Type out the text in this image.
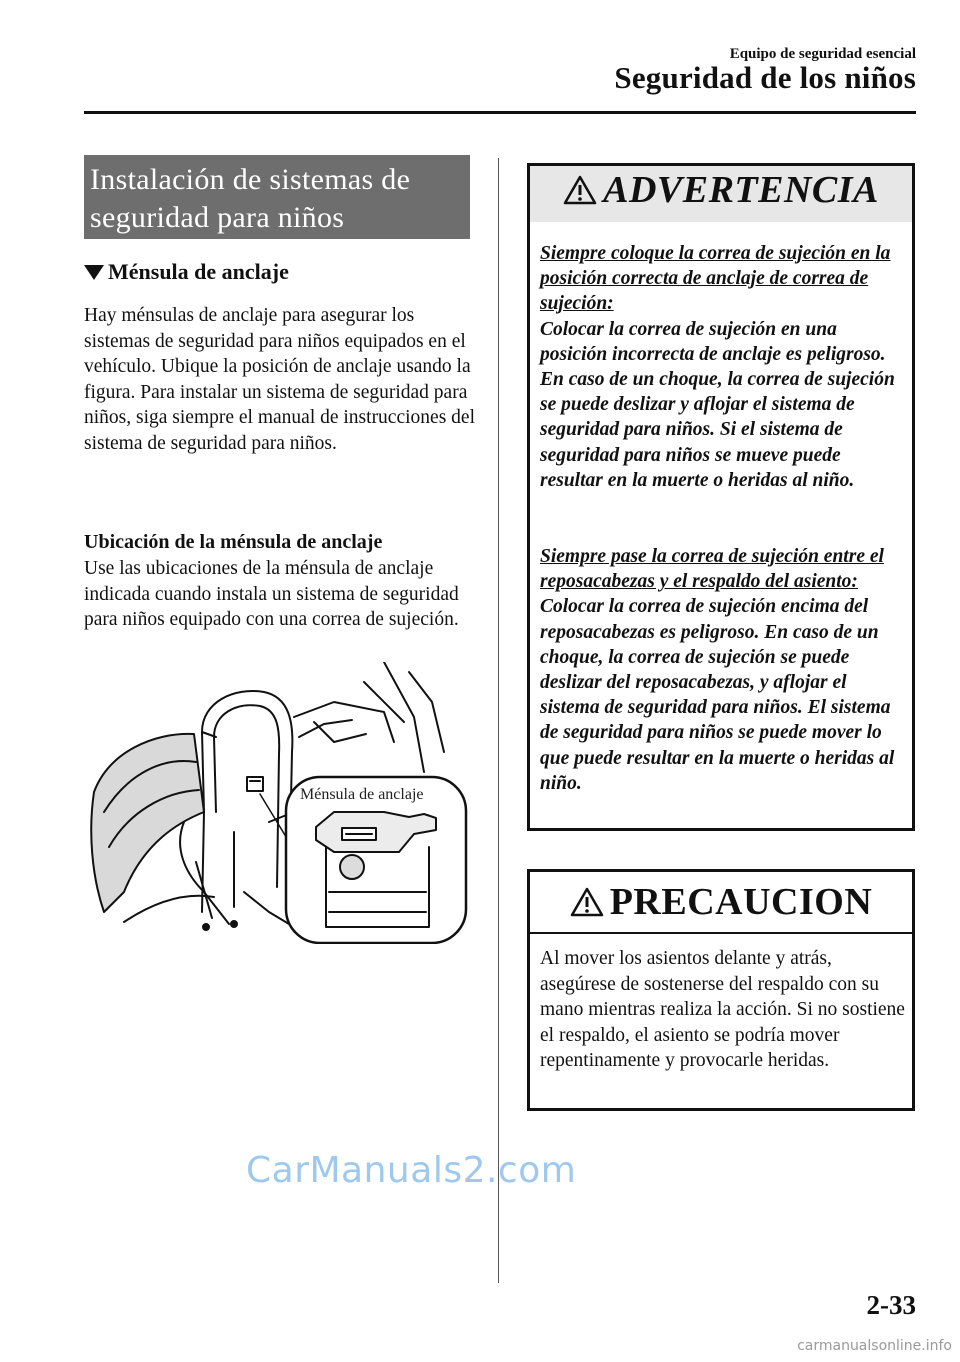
Equipo de seguridad esencial
Seguridad de los niños
Instalación de sistemas de
seguridad para niños
Ménsula de anclaje
Hay ménsulas de anclaje para asegurar los sistemas de seguridad para niños equipados en el vehículo. Ubique la posición de anclaje usando la figura. Para instalar un sistema de seguridad para niños, siga siempre el manual de instrucciones del sistema de seguridad para niños.
Ubicación de la ménsula de anclaje
Use las ubicaciones de la ménsula de anclaje indicada cuando instala un sistema de seguridad para niños equipado con una correa de sujeción.
Ménsula de anclaje
ADVERTENCIA
Siempre coloque la correa de sujeción en la posición correcta de anclaje de correa de sujeción:
Colocar la correa de sujeción en una posición incorrecta de anclaje es peligroso. En caso de un choque, la correa de sujeción se puede deslizar y aflojar el sistema de seguridad para niños. Si el sistema de seguridad para niños se mueve puede resultar en la muerte o heridas al niño.
Siempre pase la correa de sujeción entre el reposacabezas y el respaldo del asiento:
Colocar la correa de sujeción encima del reposacabezas es peligroso. En caso de un choque, la correa de sujeción se puede deslizar del reposacabezas, y aflojar el sistema de seguridad para niños. El sistema de seguridad para niños se puede mover lo que puede resultar en la muerte o heridas al niño.
PRECAUCION
Al mover los asientos delante y atrás, asegúrese de sostenerse del respaldo con su mano mientras realiza la acción. Si no sostiene el respaldo, el asiento se podría mover repentinamente y provocarle heridas.
CarManuals2.com
2-33
carmanualsonline.info
